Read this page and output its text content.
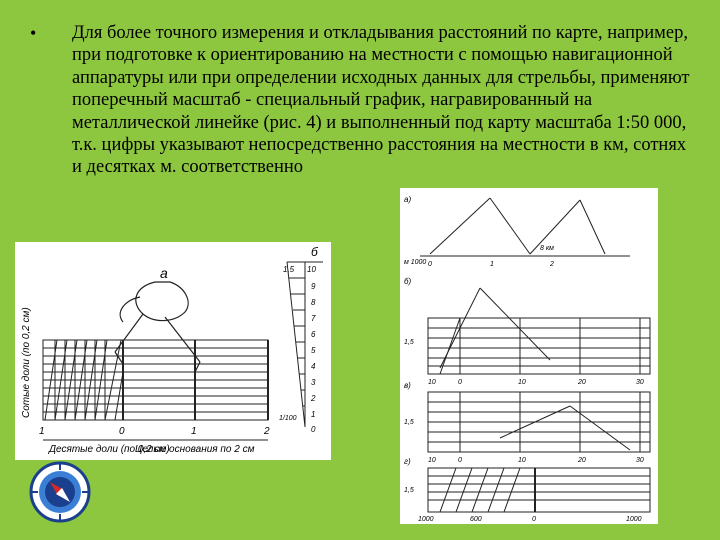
• Для более точного измерения и откладывания расстояний по карте, например, при подготовке к ориентированию на местности с помощью навигационной аппаратуры или при определении исходных данных для стрельбы, применяют поперечный масштаб - специальный график, награвированный на металлической линейке (рис. 4) и выполненный под карту масштаба 1:50 000, т.к. цифры указывают непосредственно расстояния на местности в км, сотнях и десятках м. соответственно

а
Сотые доли (по 0,2 см)
1	0	1	2
Десятые доли (по 0,2 см)
Целые основания по 2 см
б
1,5 10
9
8
7
6
5
4
3
2
1
0
1/100
а)
м 1000
8 км
0	1	2
б)
1,5
10	0	10	20	30
в)
1,5
10	0	10	20	30
г)
1,5
1000	600	0	1000
